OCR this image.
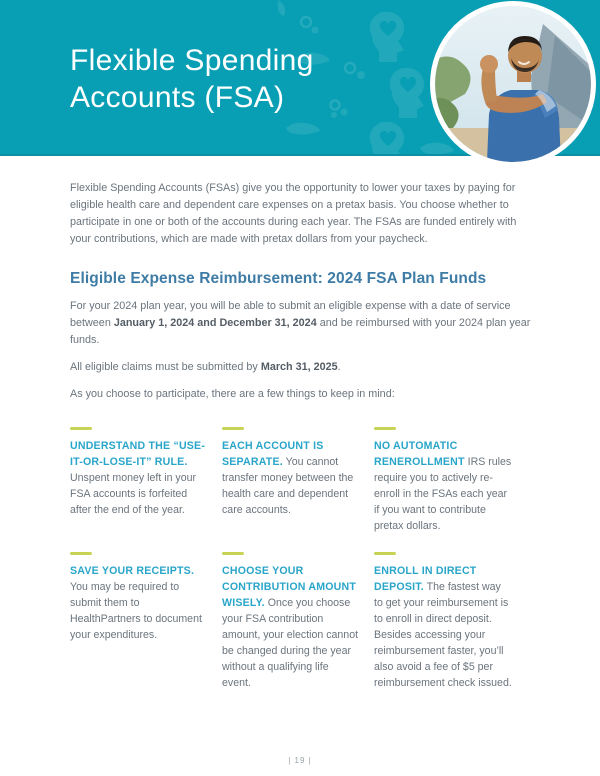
Flexible Spending
Accounts (FSA)

Flexible Spending Accounts (FSAs) give you the opportunity to lower your taxes by paying for eligible health care and dependent care expenses on a pretax basis. You choose whether to participate in one or both of the accounts during each year. The FSAs are funded entirely with your contributions, which are made with pretax dollars from your paycheck.

Eligible Expense Reimbursement: 2024 FSA Plan Funds

For your 2024 plan year, you will be able to submit an eligible expense with a date of service between January 1, 2024 and December 31, 2024 and be reimbursed with your 2024 plan year funds.

All eligible claims must be submitted by March 31, 2025.

As you choose to participate, there are a few things to keep in mind:

UNDERSTAND THE “USE-IT-OR-LOSE-IT” RULE. Unspent money left in your FSA accounts is forfeited after the end of the year.
EACH ACCOUNT IS SEPARATE. You cannot transfer money between the health care and dependent care accounts.
NO AUTOMATIC RENEROLLMENT IRS rules require you to actively re-enroll in the FSAs each year if you want to contribute pretax dollars.
SAVE YOUR RECEIPTS. You may be required to submit them to HealthPartners to document your expenditures.
CHOOSE YOUR CONTRIBUTION AMOUNT WISELY. Once you choose your FSA contribution amount, your election cannot be changed during the year without a qualifying life event.
ENROLL IN DIRECT DEPOSIT. The fastest way to get your reimbursement is to enroll in direct deposit. Besides accessing your reimbursement faster, you’ll also avoid a fee of $5 per reimbursement check issued.
| 19 |
